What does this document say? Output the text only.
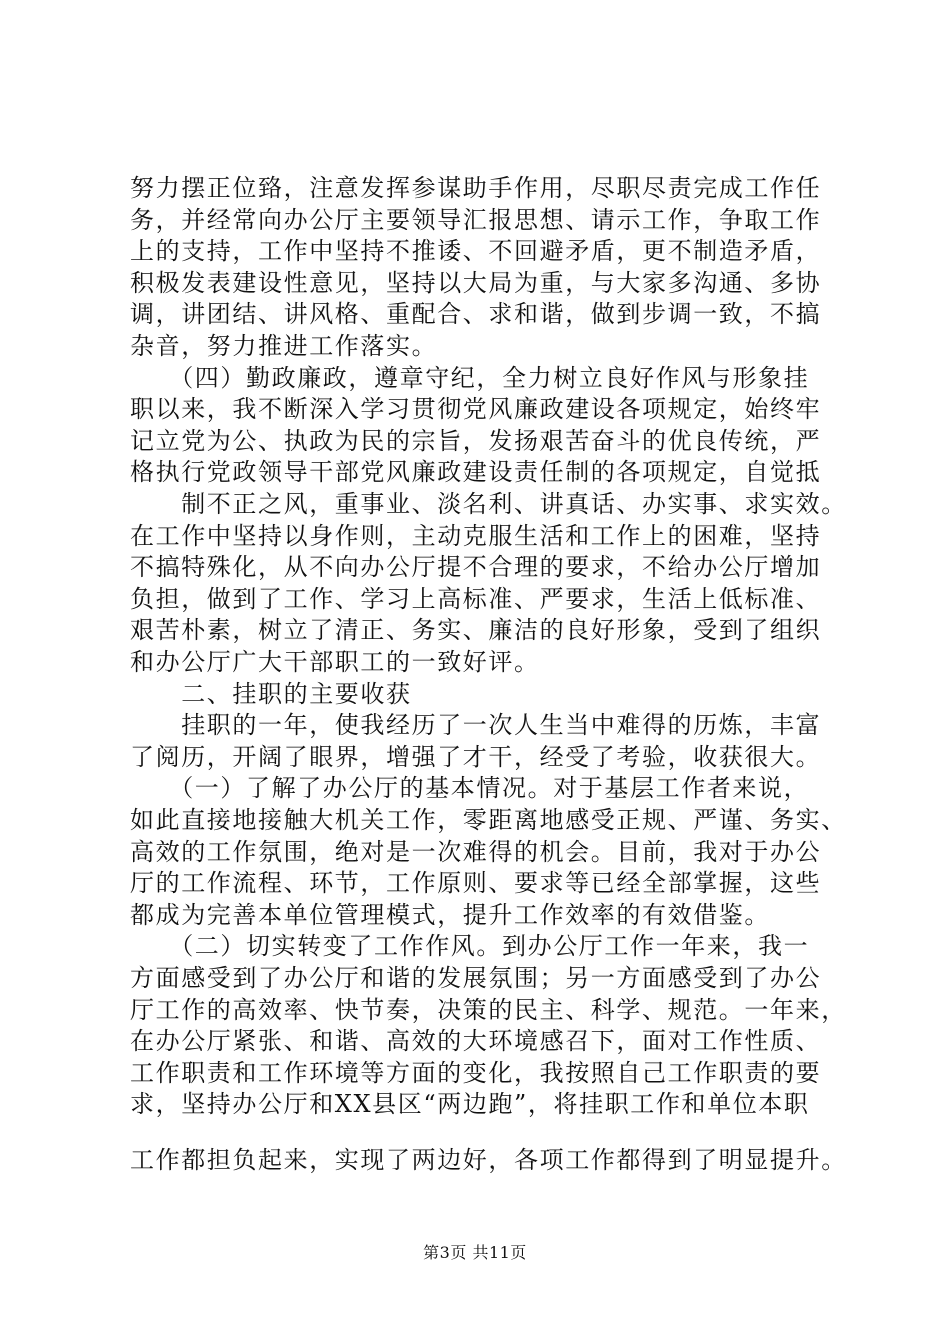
努力摆正位臵，注意发挥参谋助手作用，尽职尽责完成工作任
务，并经常向办公厅主要领导汇报思想、请示工作，争取工作
上的支持，工作中坚持不推诿、不回避矛盾，更不制造矛盾，
积极发表建设性意见，坚持以大局为重，与大家多沟通、多协
调，讲团结、讲风格、重配合、求和谐，做到步调一致，不搞
杂音，努力推进工作落实。
　　（四）勤政廉政，遵章守纪，全力树立良好作风与形象挂
职以来，我不断深入学习贯彻党风廉政建设各项规定，始终牢
记立党为公、执政为民的宗旨，发扬艰苦奋斗的优良传统，严
格执行党政领导干部党风廉政建设责任制的各项规定，自觉抵
　　制不正之风，重事业、淡名利、讲真话、办实事、求实效。
在工作中坚持以身作则，主动克服生活和工作上的困难，坚持
不搞特殊化，从不向办公厅提不合理的要求，不给办公厅增加
负担，做到了工作、学习上高标准、严要求，生活上低标准、
艰苦朴素，树立了清正、务实、廉洁的良好形象，受到了组织
和办公厅广大干部职工的一致好评。
　　二、挂职的主要收获
　　挂职的一年，使我经历了一次人生当中难得的历炼，丰富
了阅历，开阔了眼界，增强了才干，经受了考验，收获很大。
　　（一）了解了办公厅的基本情况。对于基层工作者来说，
如此直接地接触大机关工作，零距离地感受正规、严谨、务实、
高效的工作氛围，绝对是一次难得的机会。目前，我对于办公
厅的工作流程、环节，工作原则、要求等已经全部掌握，这些
都成为完善本单位管理模式，提升工作效率的有效借鉴。
　　（二）切实转变了工作作风。到办公厅工作一年来，我一
方面感受到了办公厅和谐的发展氛围；另一方面感受到了办公
厅工作的高效率、快节奏，决策的民主、科学、规范。一年来，
在办公厅紧张、和谐、高效的大环境感召下，面对工作性质、
工作职责和工作环境等方面的变化，我按照自己工作职责的要
求，坚持办公厅和XX县区“两边跑”，将挂职工作和单位本职
工作都担负起来，实现了两边好，各项工作都得到了明显提升。
第3页 共11页
